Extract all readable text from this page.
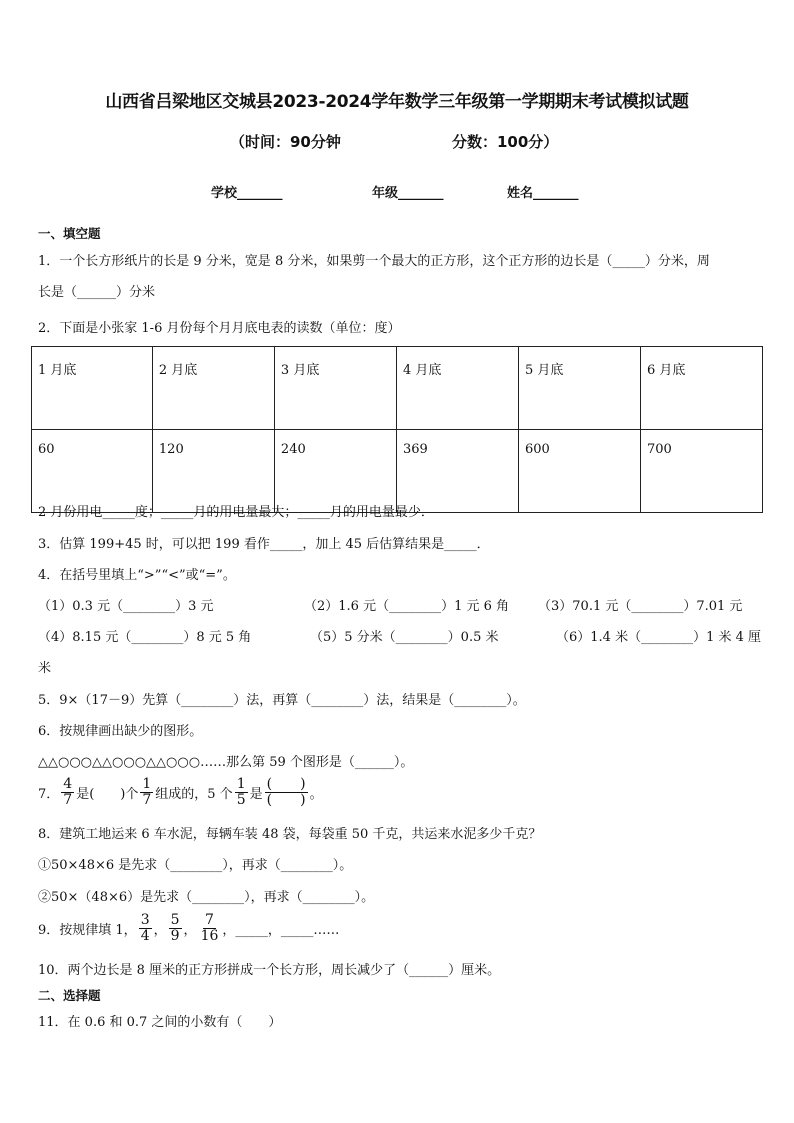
山西省吕梁地区交城县2023-2024学年数学三年级第一学期期末考试模拟试题
（时间：90分钟	分数：100分）
学校_______	年级_______	姓名_______
一、填空题
1．一个长方形纸片的长是 9 分米，宽是 8 分米，如果剪一个最大的正方形，这个正方形的边长是（_____）分米，周
长是（______）分米
2．下面是小张家 1-6 月份每个月月底电表的读数（单位：度）
1 月底	2 月底	3 月底	4 月底	5 月底	6 月底
60	120	240	369	600	700
2 月份用电_____度；_____月的用电量最大；_____月的用电量最少．
3．估算 199+45 时，可以把 199 看作_____，加上 45 后估算结果是_____．
4．在括号里填上“>”“<”或“=”。
（1）0.3 元（________）3 元	（2）1.6 元（________）1 元 6 角 （3）70.1 元（________）7.01 元
（4）8.15 元（________）8 元 5 角	（5）5 分米（________）0.5 米	（6）1.4 米（________）1 米 4 厘
米
5．9×（17－9）先算（________）法，再算（________）法，结果是（________）。
6．按规律画出缺少的图形。
△△○○○△△○○○△△○○○……那么第 59 个图形是（______）。
7． $\frac{4}{7}$ 是(　　)个 $\frac{1}{7}$ 组成的，5 个 $\frac{1}{5}$ 是 $\frac{( )}{( )}$ 。
8．建筑工地运来 6 车水泥，每辆车装 48 袋，每袋重 50 千克，共运来水泥多少千克？
①50×48×6 是先求（________），再求（________）。
②50×（48×6）是先求（________），再求（________）。
9．按规律填 1， $\frac{3}{4}$ ， $\frac{5}{9}$ ， $\frac{7}{16}$ ，_____，_____……
10．两个边长是 8 厘米的正方形拼成一个长方形，周长减少了（______）厘米。
二、选择题
11．在 0.6 和 0.7 之间的小数有（　　）
